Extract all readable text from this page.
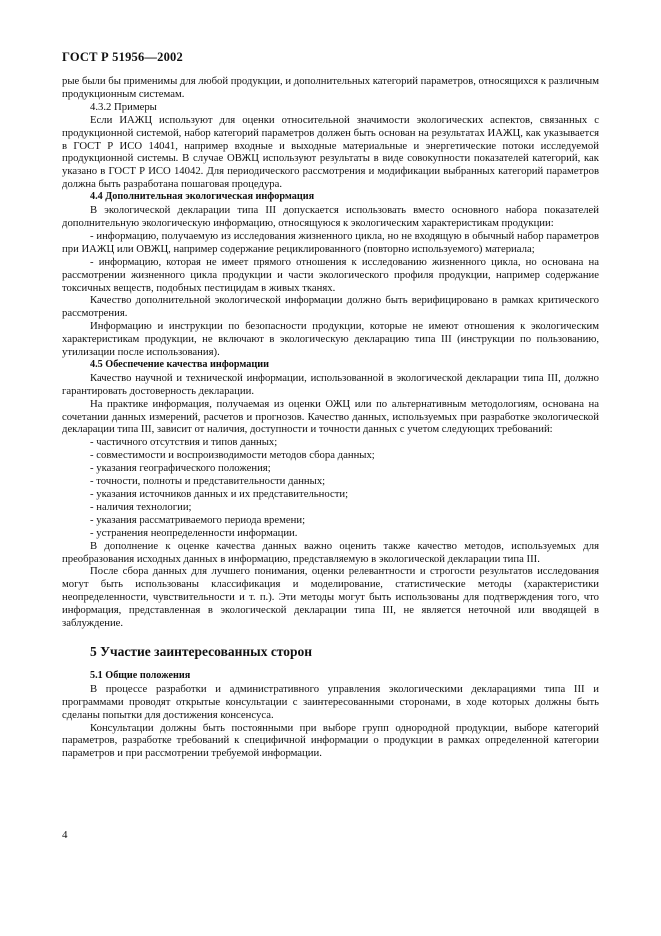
ГОСТ Р 51956—2002

рые были бы применимы для любой продукции, и дополнительных категорий параметров, относящихся к различным продукционным системам.

4.3.2 Примеры

Если ИАЖЦ используют для оценки относительной значимости экологических аспектов, связанных с продукционной системой, набор категорий параметров должен быть основан на результатах ИАЖЦ, как указывается в ГОСТ Р ИСО 14041, например входные и выходные материальные и энергетические потоки исследуемой продукционной системы. В случае ОВЖЦ используют результаты в виде совокупности показателей категорий, как указано в ГОСТ Р ИСО 14042. Для периодического рассмотрения и модификации выбранных категорий параметров должна быть разработана пошаговая процедура.

4.4 Дополнительная экологическая информация

В экологической декларации типа III допускается использовать вместо основного набора показателей дополнительную экологическую информацию, относящуюся к экологическим характеристикам продукции:

- информацию, получаемую из исследования жизненного цикла, но не входящую в обычный набор параметров при ИАЖЦ или ОВЖЦ, например содержание рециклированного (повторно используемого) материала;

- информацию, которая не имеет прямого отношения к исследованию жизненного цикла, но основана на рассмотрении жизненного цикла продукции и части экологического профиля продукции, например содержание токсичных веществ, подобных пестицидам в живых тканях.

Качество дополнительной экологической информации должно быть верифицировано в рамках критического рассмотрения.

Информацию и инструкции по безопасности продукции, которые не имеют отношения к экологическим характеристикам продукции, не включают в экологическую декларацию типа III (инструкции по пользованию, утилизации после использования).

4.5 Обеспечение качества информации

Качество научной и технической информации, использованной в экологической декларации типа III, должно гарантировать достоверность декларации.

На практике информация, получаемая из оценки ОЖЦ или по альтернативным методологиям, основана на сочетании данных измерений, расчетов и прогнозов. Качество данных, используемых при разработке экологической декларации типа III, зависит от наличия, доступности и точности данных с учетом следующих требований:

- частичного отсутствия и типов данных;

- совместимости и воспроизводимости методов сбора данных;

- указания географического положения;

- точности, полноты и представительности данных;

- указания источников данных и их представительности;

- наличия технологии;

- указания рассматриваемого периода времени;

- устранения неопределенности информации.

В дополнение к оценке качества данных важно оценить также качество методов, используемых для преобразования исходных данных в информацию, представляемую в экологической декларации типа III.

После сбора данных для лучшего понимания, оценки релевантности и строгости результатов исследования могут быть использованы классификация и моделирование, статистические методы (характеристики неопределенности, чувствительности и т. п.). Эти методы могут быть использованы для подтверждения того, что информация, представленная в экологической декларации типа III, не является неточной или вводящей в заблуждение.

5 Участие заинтересованных сторон

5.1 Общие положения

В процессе разработки и административного управления экологическими декларациями типа III и программами проводят открытые консультации с заинтересованными сторонами, в ходе которых должны быть сделаны попытки для достижения консенсуса.

Консультации должны быть постоянными при выборе групп однородной продукции, выборе категорий параметров, разработке требований к специфичной информации о продукции в рамках определенной категории параметров и при рассмотрении требуемой информации.

4
